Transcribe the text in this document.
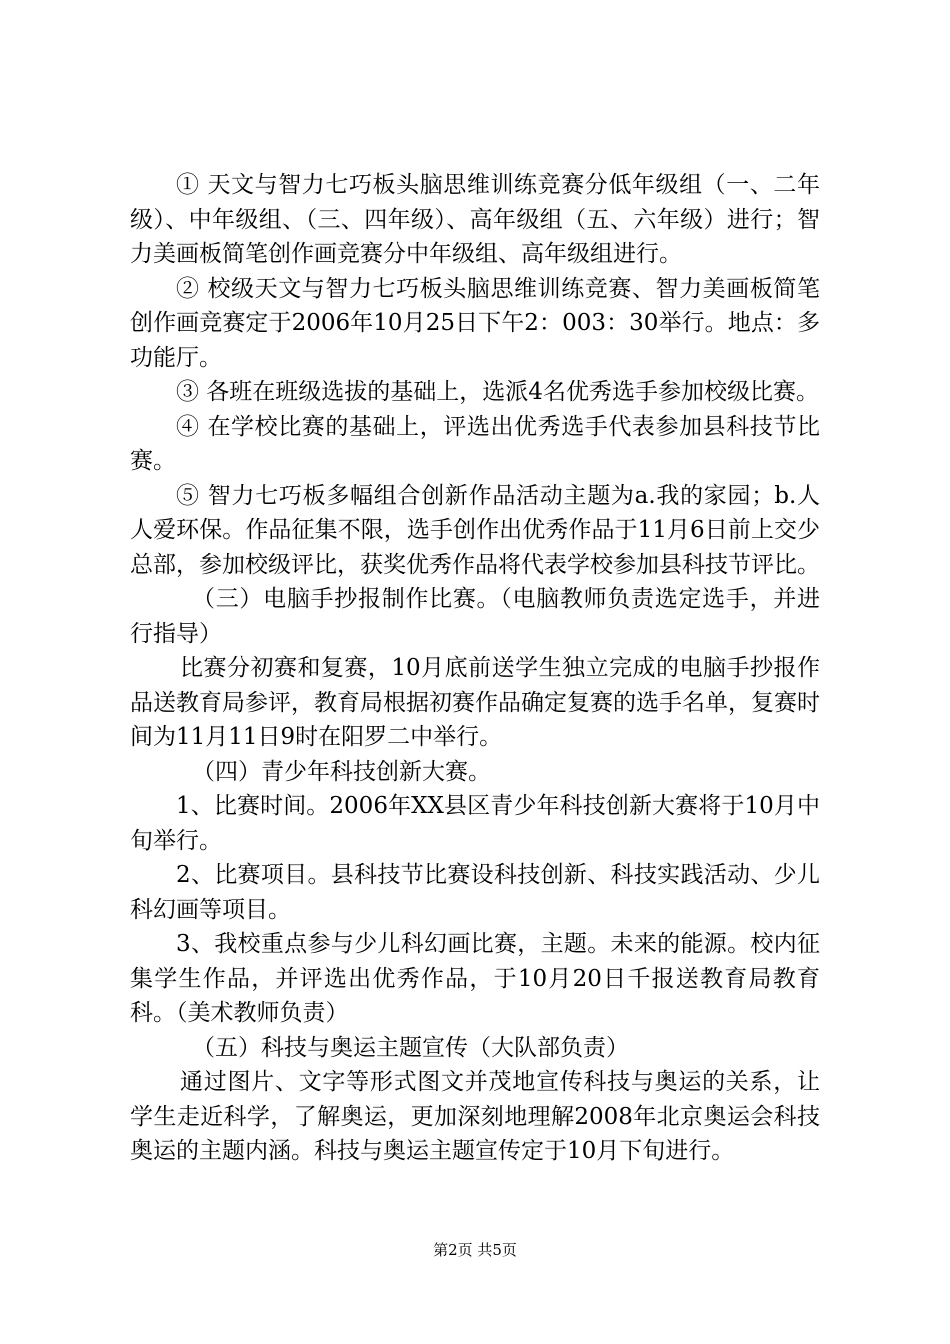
① 天文与智力七巧板头脑思维训练竞赛分低年级组（一、二年级）、中年级组、（三、四年级）、高年级组（五、六年级）进行；智力美画板简笔创作画竞赛分中年级组、高年级组进行。

② 校级天文与智力七巧板头脑思维训练竞赛、智力美画板简笔创作画竞赛定于2006年10月25日下午2：003：30举行。地点：多功能厅。

③ 各班在班级选拔的基础上，选派4名优秀选手参加校级比赛。

④ 在学校比赛的基础上，评选出优秀选手代表参加县科技节比赛。

⑤ 智力七巧板多幅组合创新作品活动主题为a.我的家园；b.人人爱环保。作品征集不限，选手创作出优秀作品于11月6日前上交少总部，参加校级评比，获奖优秀作品将代表学校参加县科技节评比。

（三）电脑手抄报制作比赛。（电脑教师负责选定选手，并进行指导）

比赛分初赛和复赛，10月底前送学生独立完成的电脑手抄报作品送教育局参评，教育局根据初赛作品确定复赛的选手名单，复赛时间为11月11日9时在阳罗二中举行。

（四）青少年科技创新大赛。

1、比赛时间。2006年XX县区青少年科技创新大赛将于10月中旬举行。

2、比赛项目。县科技节比赛设科技创新、科技实践活动、少儿科幻画等项目。

3、我校重点参与少儿科幻画比赛，主题。未来的能源。校内征集学生作品，并评选出优秀作品，于10月20日千报送教育局教育科。（美术教师负责）

（五）科技与奥运主题宣传（大队部负责）

通过图片、文字等形式图文并茂地宣传科技与奥运的关系，让学生走近科学，了解奥运，更加深刻地理解2008年北京奥运会科技奥运的主题内涵。科技与奥运主题宣传定于10月下旬进行。

第2页 共5页
